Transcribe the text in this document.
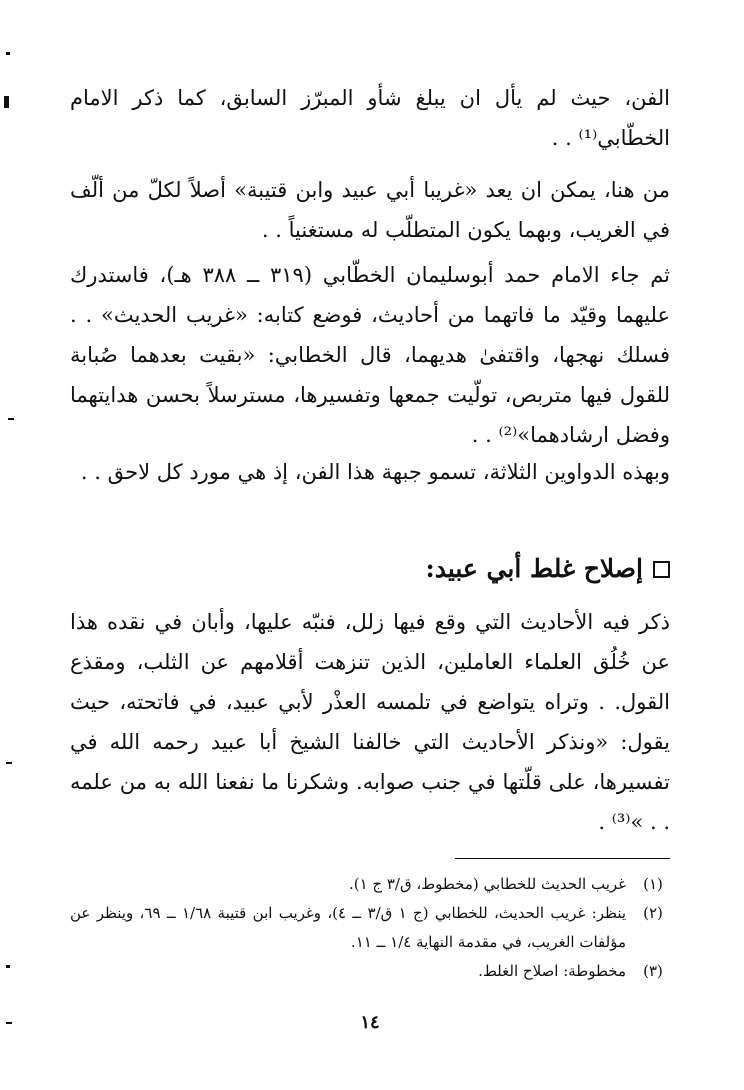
الفن، حيث لم يأل ان يبلغ شأو المبرّز السابق، كما ذكر الامام الخطّابي⁽¹⁾ . .

من هنا، يمكن ان يعد «غريبا أبي عبيد وابن قتيبة» أصلاً لكلّ من ألّف في الغريب، وبهما يكون المتطلّب له مستغنياً . .

ثم جاء الامام حمد أبوسليمان الخطّابي (٣١٩ ــ ٣٨٨ هـ)، فاستدرك عليهما وقيّد ما فاتهما من أحاديث، فوضع كتابه: «غريب الحديث» . . فسلك نهجها، واقتفىٰ هديهما، قال الخطابي: «بقيت بعدهما صُبابة للقول فيها متربص، تولّيت جمعها وتفسيرها، مسترسلاً بحسن هدايتهما وفضل ارشادهما»⁽²⁾ . .

وبهذه الدواوين الثلاثة، تسمو جبهة هذا الفن، إذ هي مورد كل لاحق . .

إصلاح غلط أبي عبيد:

ذكر فيه الأحاديث التي وقع فيها زلل، فنبّه عليها، وأبان في نقده هذا عن خُلُق العلماء العاملين، الذين تنزهت أقلامهم عن الثلب، ومقذع القول. . وتراه يتواضع في تلمسه العذْر لأبي عبيد، في فاتحته، حيث يقول: «ونذكر الأحاديث التي خالفنا الشيخ أبا عبيد رحمه الله في تفسيرها، على قلّتها في جنب صوابه. وشكرنا ما نفعنا الله به من علمه . . »⁽³⁾ .

(١)
غريب الحديث للخطابي (مخطوط، ق/٣ ج ١).
(٢)
ينظر: غريب الحديث، للخطابي (ج ١ ق/٣ ــ ٤)، وغريب ابن قتيبة ١/٦٨ ــ ٦٩، وينظر عن مؤلفات الغريب، في مقدمة النهاية ١/٤ ــ ١١.
(٣)
مخطوطة: اصلاح الغلط.
١٤
